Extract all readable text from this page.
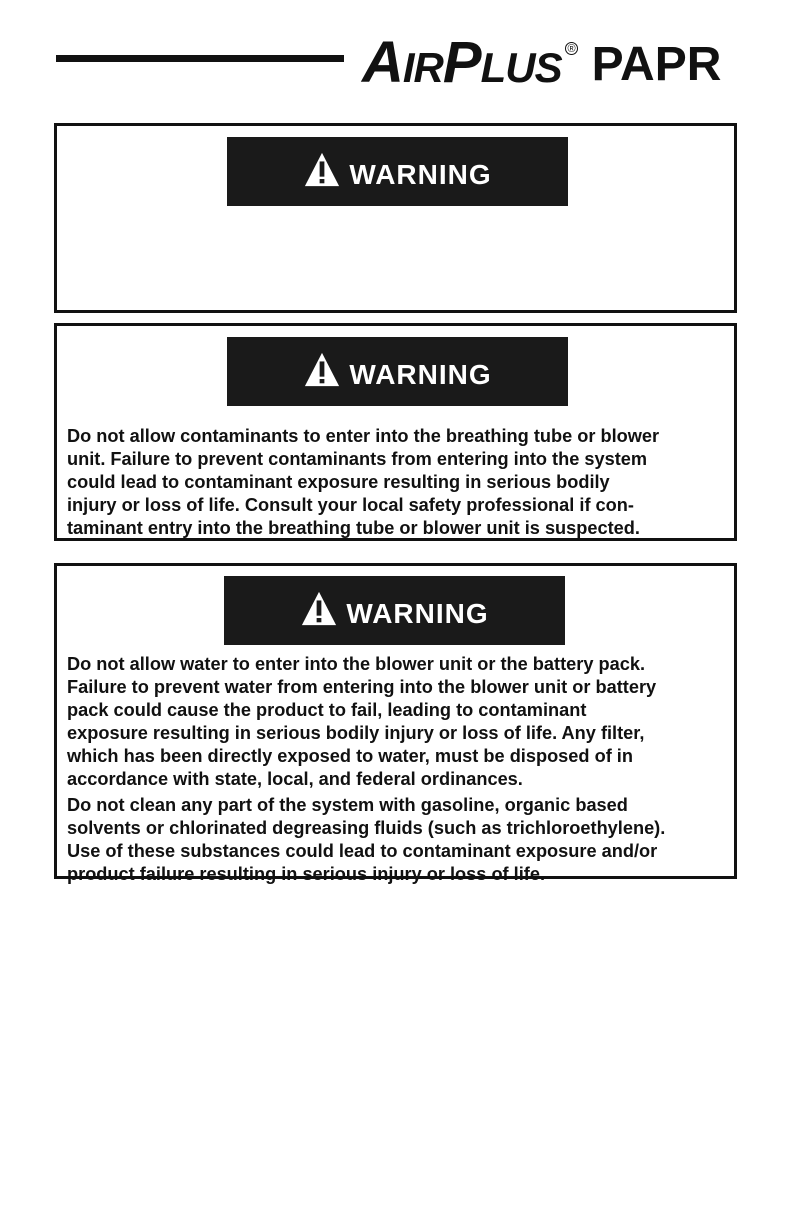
A IR P LUS ® PAPR
WARNING
WARNING
Do not allow contaminants to enter into the breathing tube or blower
unit. Failure to prevent contaminants from entering into the system
could lead to contaminant exposure resulting in serious bodily
injury or loss of life. Consult your local safety professional if con-
taminant entry into the breathing tube or blower unit is suspected.
WARNING
Do not allow water to enter into the blower unit or the battery pack.
Failure to prevent water from entering into the blower unit or battery
pack could cause the product to fail, leading to contaminant
exposure resulting in serious bodily injury or loss of life. Any filter,
which has been directly exposed to water, must be disposed of in
accordance with state, local, and federal ordinances.
Do not clean any part of the system with gasoline, organic based
solvents or chlorinated degreasing fluids (such as trichloroethylene).
Use of these substances could lead to contaminant exposure and/or
product failure resulting in serious injury or loss of life.
